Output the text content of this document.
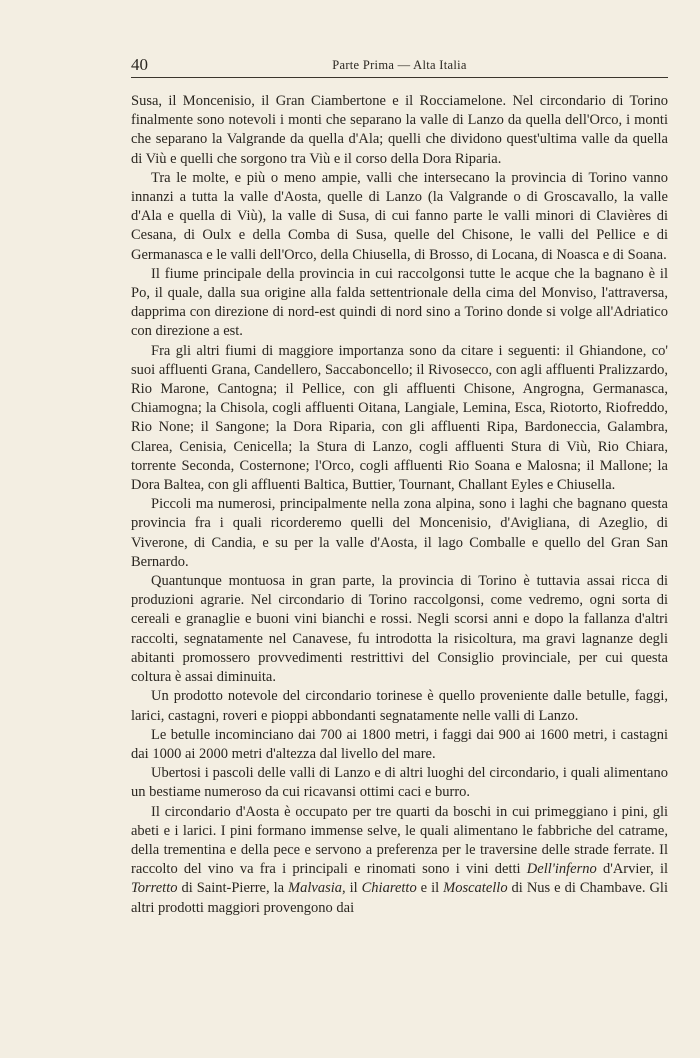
40	Parte Prima — Alta Italia

Susa, il Moncenisio, il Gran Ciambertone e il Rocciamelone. Nel circondario di Torino finalmente sono notevoli i monti che separano la valle di Lanzo da quella dell'Orco, i monti che separano la Valgrande da quella d'Ala; quelli che dividono quest'ultima valle da quella di Viù e quelli che sorgono tra Viù e il corso della Dora Riparia.

Tra le molte, e più o meno ampie, valli che intersecano la provincia di Torino vanno innanzi a tutta la valle d'Aosta, quelle di Lanzo (la Valgrande o di Groscavallo, la valle d'Ala e quella di Viù), la valle di Susa, di cui fanno parte le valli minori di Clavières di Cesana, di Oulx e della Comba di Susa, quelle del Chisone, le valli del Pellice e di Germanasca e le valli dell'Orco, della Chiusella, di Brosso, di Locana, di Noasca e di Soana.

Il fiume principale della provincia in cui raccolgonsi tutte le acque che la bagnano è il Po, il quale, dalla sua origine alla falda settentrionale della cima del Monviso, l'attraversa, dapprima con direzione di nord-est quindi di nord sino a Torino donde si volge all'Adriatico con direzione a est.

Fra gli altri fiumi di maggiore importanza sono da citare i seguenti: il Ghiandone, co' suoi affluenti Grana, Candellero, Saccaboncello; il Rivosecco, con agli affluenti Pralizzardo, Rio Marone, Cantogna; il Pellice, con gli affluenti Chisone, Angrogna, Germanasca, Chiamogna; la Chisola, cogli affluenti Oitana, Langiale, Lemina, Esca, Riotorto, Riofreddo, Rio None; il Sangone; la Dora Riparia, con gli affluenti Ripa, Bardoneccia, Galambra, Clarea, Cenisia, Cenicella; la Stura di Lanzo, cogli affluenti Stura di Viù, Rio Chiara, torrente Seconda, Costernone; l'Orco, cogli affluenti Rio Soana e Malosna; il Mallone; la Dora Baltea, con gli affluenti Baltica, Buttier, Tournant, Challant Eyles e Chiusella.

Piccoli ma numerosi, principalmente nella zona alpina, sono i laghi che bagnano questa provincia fra i quali ricorderemo quelli del Moncenisio, d'Avigliana, di Azeglio, di Viverone, di Candia, e su per la valle d'Aosta, il lago Comballe e quello del Gran San Bernardo.

Quantunque montuosa in gran parte, la provincia di Torino è tuttavia assai ricca di produzioni agrarie. Nel circondario di Torino raccolgonsi, come vedremo, ogni sorta di cereali e granaglie e buoni vini bianchi e rossi. Negli scorsi anni e dopo la fallanza d'altri raccolti, segnatamente nel Canavese, fu introdotta la risicoltura, ma gravi lagnanze degli abitanti promossero provvedimenti restrittivi del Consiglio provinciale, per cui questa coltura è assai diminuita.

Un prodotto notevole del circondario torinese è quello proveniente dalle betulle, faggi, larici, castagni, roveri e pioppi abbondanti segnatamente nelle valli di Lanzo.

Le betulle incominciano dai 700 ai 1800 metri, i faggi dai 900 ai 1600 metri, i castagni dai 1000 ai 2000 metri d'altezza dal livello del mare.

Ubertosi i pascoli delle valli di Lanzo e di altri luoghi del circondario, i quali alimentano un bestiame numeroso da cui ricavansi ottimi caci e burro.

Il circondario d'Aosta è occupato per tre quarti da boschi in cui primeggiano i pini, gli abeti e i larici. I pini formano immense selve, le quali alimentano le fabbriche del catrame, della trementina e della pece e servono a preferenza per le traversine delle strade ferrate. Il raccolto del vino va fra i principali e rinomati sono i vini detti Dell'inferno d'Arvier, il Torretto di Saint-Pierre, la Malvasia, il Chiaretto e il Moscatello di Nus e di Chambave. Gli altri prodotti maggiori provengono dai
